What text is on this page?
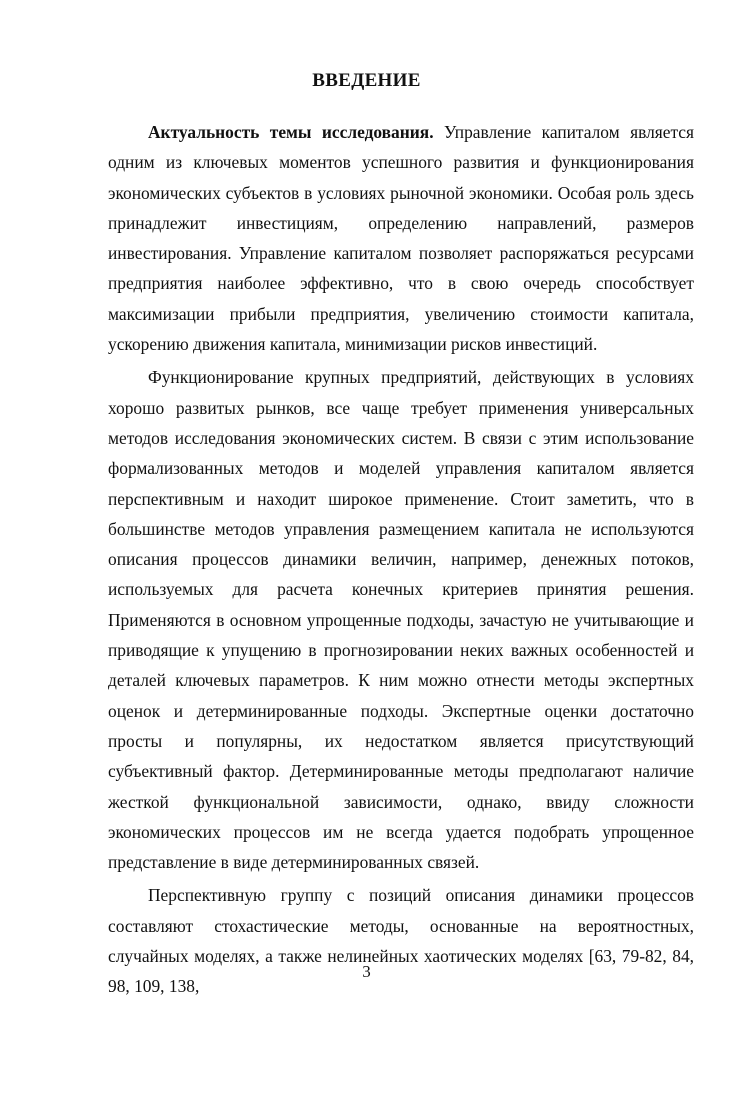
ВВЕДЕНИЕ

Актуальность темы исследования. Управление капиталом является одним из ключевых моментов успешного развития и функционирования экономических субъектов в условиях рыночной экономики. Особая роль здесь принадлежит инвестициям, определению направлений, размеров инвестирования. Управление капиталом позволяет распоряжаться ресурсами предприятия наиболее эффективно, что в свою очередь способствует максимизации прибыли предприятия, увеличению стоимости капитала, ускорению движения капитала, минимизации рисков инвестиций.

Функционирование крупных предприятий, действующих в условиях хорошо развитых рынков, все чаще требует применения универсальных методов исследования экономических систем. В связи с этим использование формализованных методов и моделей управления капиталом является перспективным и находит широкое применение. Стоит заметить, что в большинстве методов управления размещением капитала не используются описания процессов динамики величин, например, денежных потоков, используемых для расчета конечных критериев принятия решения. Применяются в основном упрощенные подходы, зачастую не учитывающие и приводящие к упущению в прогнозировании неких важных особенностей и деталей ключевых параметров. К ним можно отнести методы экспертных оценок и детерминированные подходы. Экспертные оценки достаточно просты и популярны, их недостатком является присутствующий субъективный фактор. Детерминированные методы предполагают наличие жесткой функциональной зависимости, однако, ввиду сложности экономических процессов им не всегда удается подобрать упрощенное представление в виде детерминированных связей.

Перспективную группу с позиций описания динамики процессов составляют стохастические методы, основанные на вероятностных, случайных моделях, а также нелинейных хаотических моделях [63, 79-82, 84, 98, 109, 138,

3
